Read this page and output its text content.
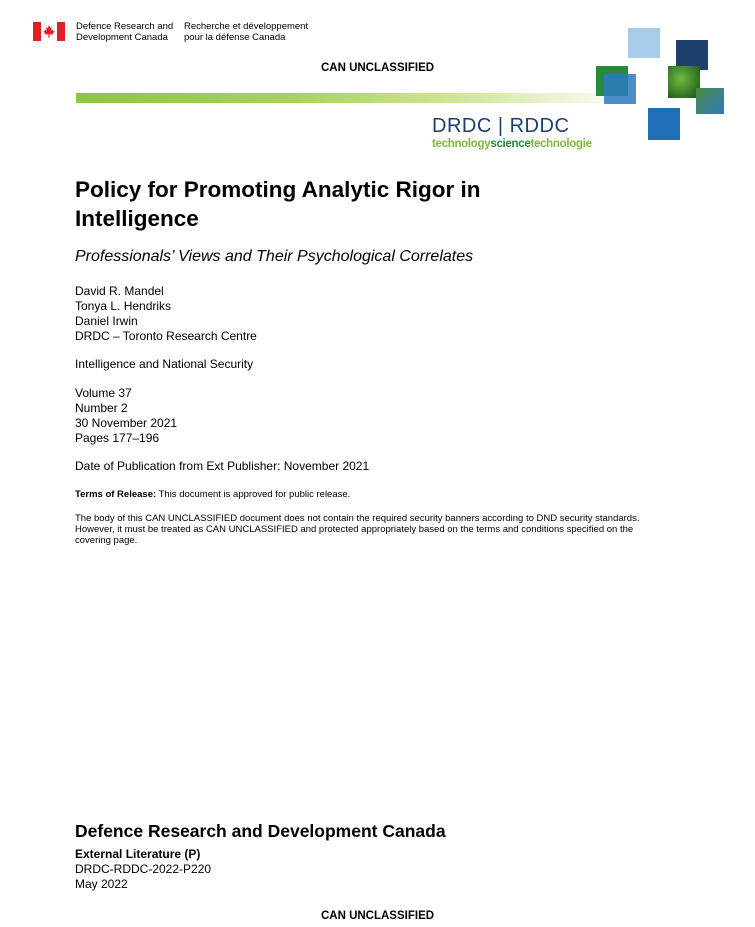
Defence Research and
Development Canada
Recherche et développement
pour la défense Canada
CAN UNCLASSIFIED
DRDC | RDDC
technologysciencetechnologie
Policy for Promoting Analytic Rigor in Intelligence
Professionals’ Views and Their Psychological Correlates
David R. Mandel
Tonya L. Hendriks
Daniel Irwin
DRDC – Toronto Research Centre
Intelligence and National Security
Volume 37
Number 2
30 November 2021
Pages 177–196
Date of Publication from Ext Publisher: November 2021
Terms of Release: This document is approved for public release.
The body of this CAN UNCLASSIFIED document does not contain the required security banners according to DND security standards. However, it must be treated as CAN UNCLASSIFIED and protected appropriately based on the terms and conditions specified on the covering page.
Defence Research and Development Canada
External Literature (P)
DRDC-RDDC-2022-P220
May 2022
CAN UNCLASSIFIED
